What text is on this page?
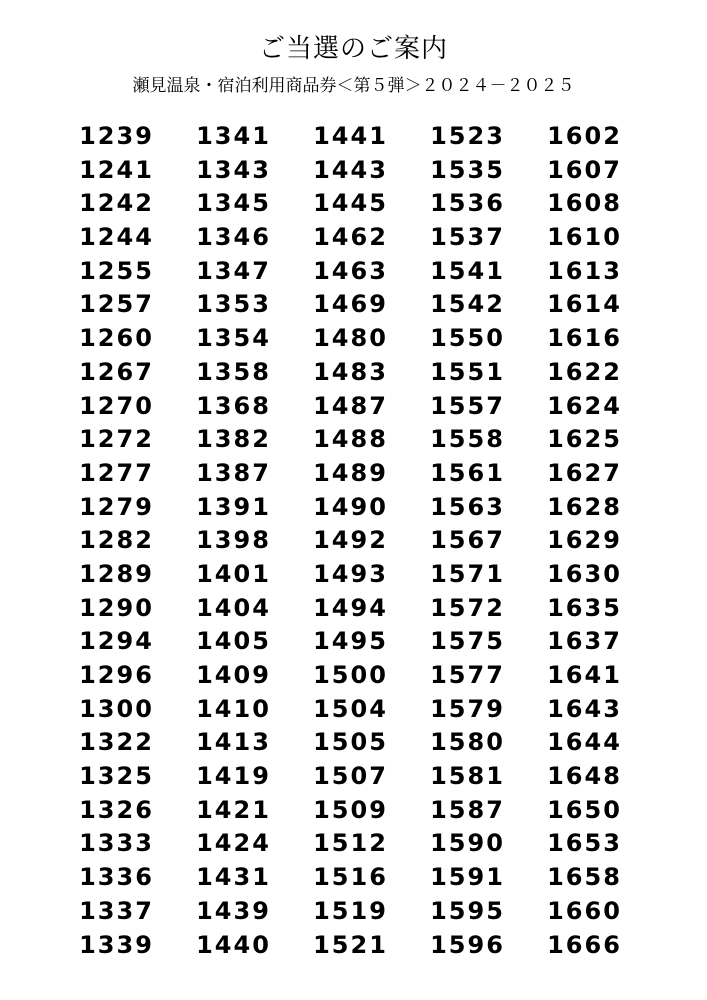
ご当選のご案内
瀬見温泉・宿泊利用商品券＜第５弾＞２０２４－２０２５
1239	1341	1441	1523	1602
1241	1343	1443	1535	1607
1242	1345	1445	1536	1608
1244	1346	1462	1537	1610
1255	1347	1463	1541	1613
1257	1353	1469	1542	1614
1260	1354	1480	1550	1616
1267	1358	1483	1551	1622
1270	1368	1487	1557	1624
1272	1382	1488	1558	1625
1277	1387	1489	1561	1627
1279	1391	1490	1563	1628
1282	1398	1492	1567	1629
1289	1401	1493	1571	1630
1290	1404	1494	1572	1635
1294	1405	1495	1575	1637
1296	1409	1500	1577	1641
1300	1410	1504	1579	1643
1322	1413	1505	1580	1644
1325	1419	1507	1581	1648
1326	1421	1509	1587	1650
1333	1424	1512	1590	1653
1336	1431	1516	1591	1658
1337	1439	1519	1595	1660
1339	1440	1521	1596	1666
